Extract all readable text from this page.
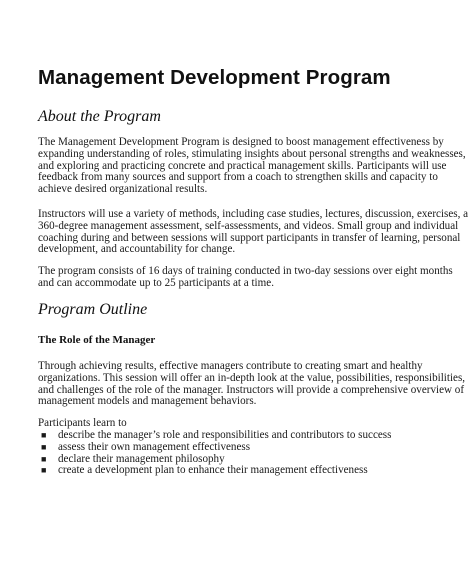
Management Development Program
About the Program

The Management Development Program is designed to boost management effectiveness by
expanding understanding of roles, stimulating insights about personal strengths and weaknesses,
and exploring and practicing concrete and practical management skills. Participants will use
feedback from many sources and support from a coach to strengthen skills and capacity to
achieve desired organizational results.

Instructors will use a variety of methods, including case studies, lectures, discussion, exercises, a
360-degree management assessment, self-assessments, and videos. Small group and individual
coaching during and between sessions will support participants in transfer of learning, personal
development, and accountability for change.

The program consists of 16 days of training conducted in two-day sessions over eight months
and can accommodate up to 25 participants at a time.

Program Outline
The Role of the Manager

Through achieving results, effective managers contribute to creating smart and healthy
organizations. This session will offer an in-depth look at the value, possibilities, responsibilities,
and challenges of the role of the manager. Instructors will provide a comprehensive overview of
management models and management behaviors.

Participants learn to

■ describe the manager’s role and responsibilities and contributors to success
■ assess their own management effectiveness
■ declare their management philosophy
■ create a development plan to enhance their management effectiveness
